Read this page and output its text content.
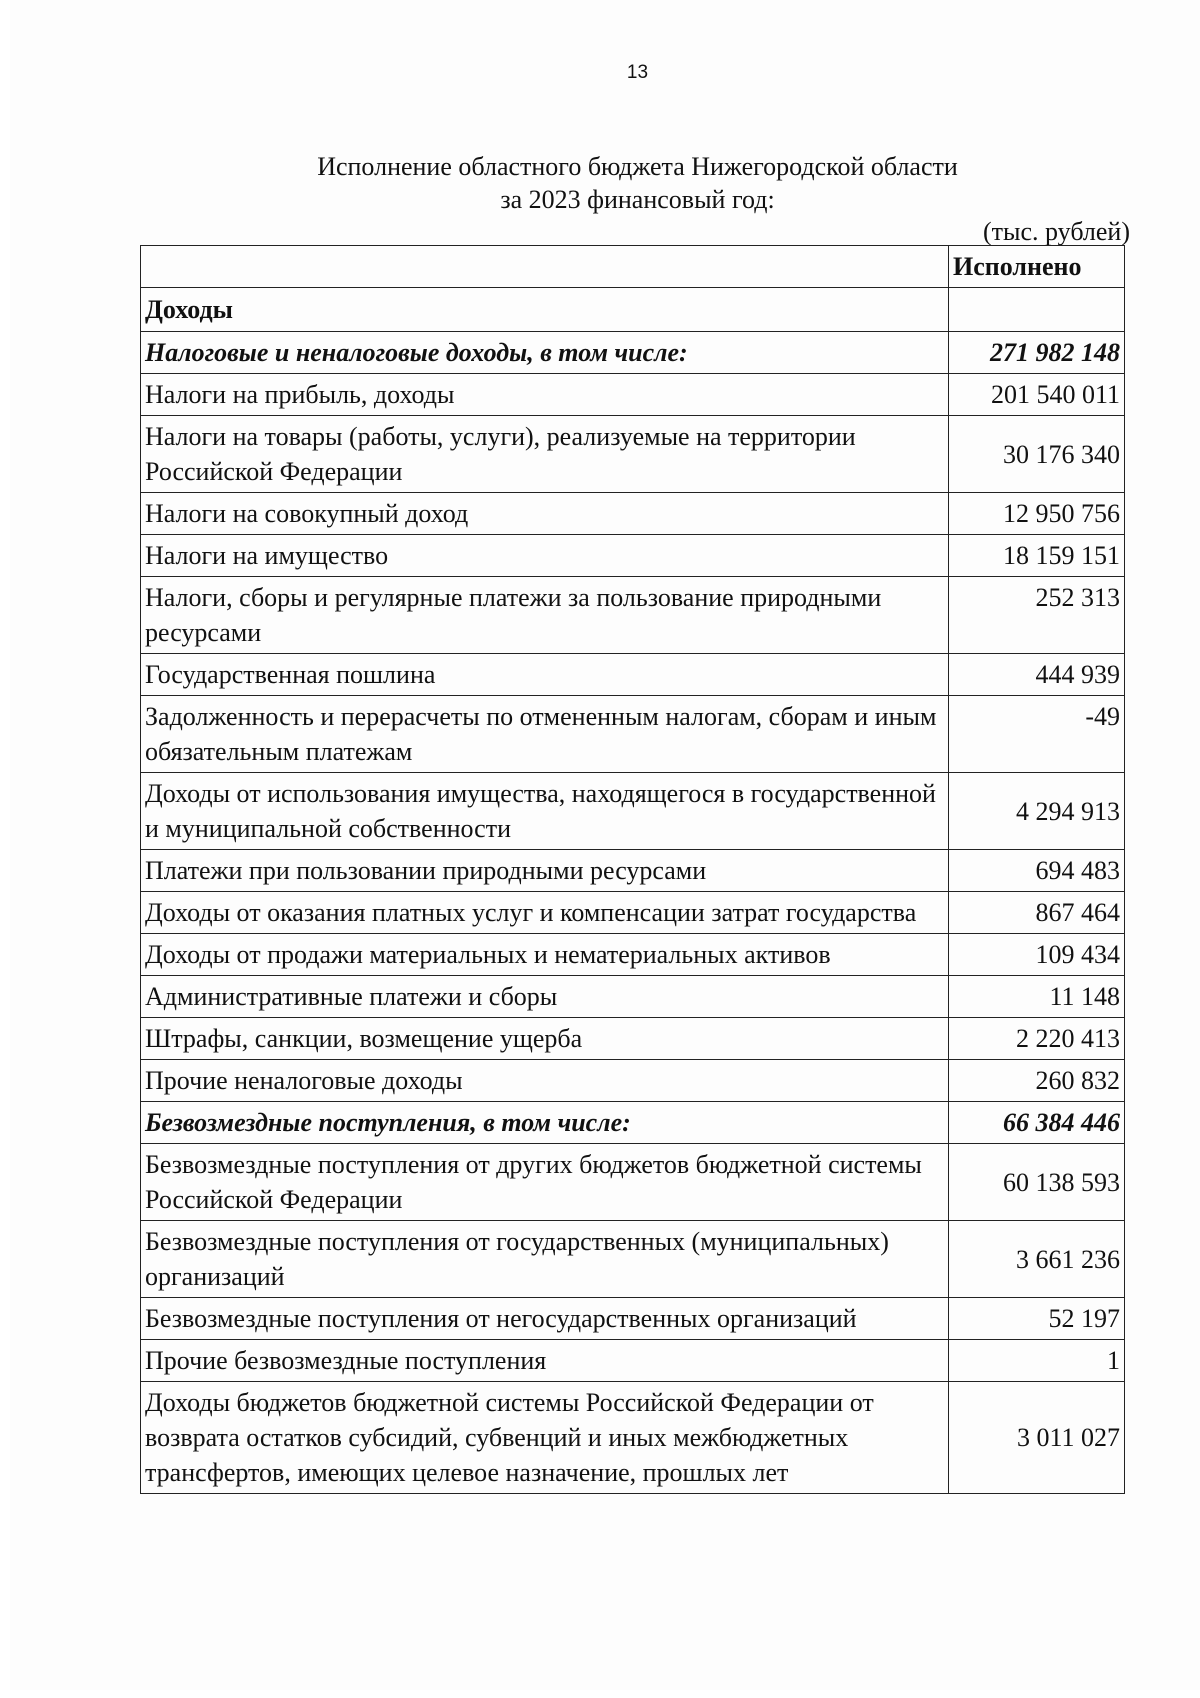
13
Исполнение областного бюджета Нижегородской области
за 2023 финансовый год:
(тыс. рублей)
	Исполнено
Доходы	
Налоговые и неналоговые доходы, в том числе:	271 982 148
Налоги на прибыль, доходы	201 540 011
Налоги на товары (работы, услуги), реализуемые на территории Российской Федерации	30 176 340
Налоги на совокупный доход	12 950 756
Налоги на имущество	18 159 151
Налоги, сборы и регулярные платежи за пользование природными ресурсами	252 313
Государственная пошлина	444 939
Задолженность и перерасчеты по отмененным налогам, сборам и иным обязательным платежам	-49
Доходы от использования имущества, находящегося в государственной и муниципальной собственности	4 294 913
Платежи при пользовании природными ресурсами	694 483
Доходы от оказания платных услуг и компенсации затрат государства	867 464
Доходы от продажи материальных и нематериальных активов	109 434
Административные платежи и сборы	11 148
Штрафы, санкции, возмещение ущерба	2 220 413
Прочие неналоговые доходы	260 832
Безвозмездные поступления, в том числе:	66 384 446
Безвозмездные поступления от других бюджетов бюджетной системы Российской Федерации	60 138 593
Безвозмездные поступления от государственных (муниципальных) организаций	3 661 236
Безвозмездные поступления от негосударственных организаций	52 197
Прочие безвозмездные поступления	1
Доходы бюджетов бюджетной системы Российской Федерации от возврата остатков субсидий, субвенций и иных межбюджетных трансфертов, имеющих целевое назначение, прошлых лет	3 011 027
